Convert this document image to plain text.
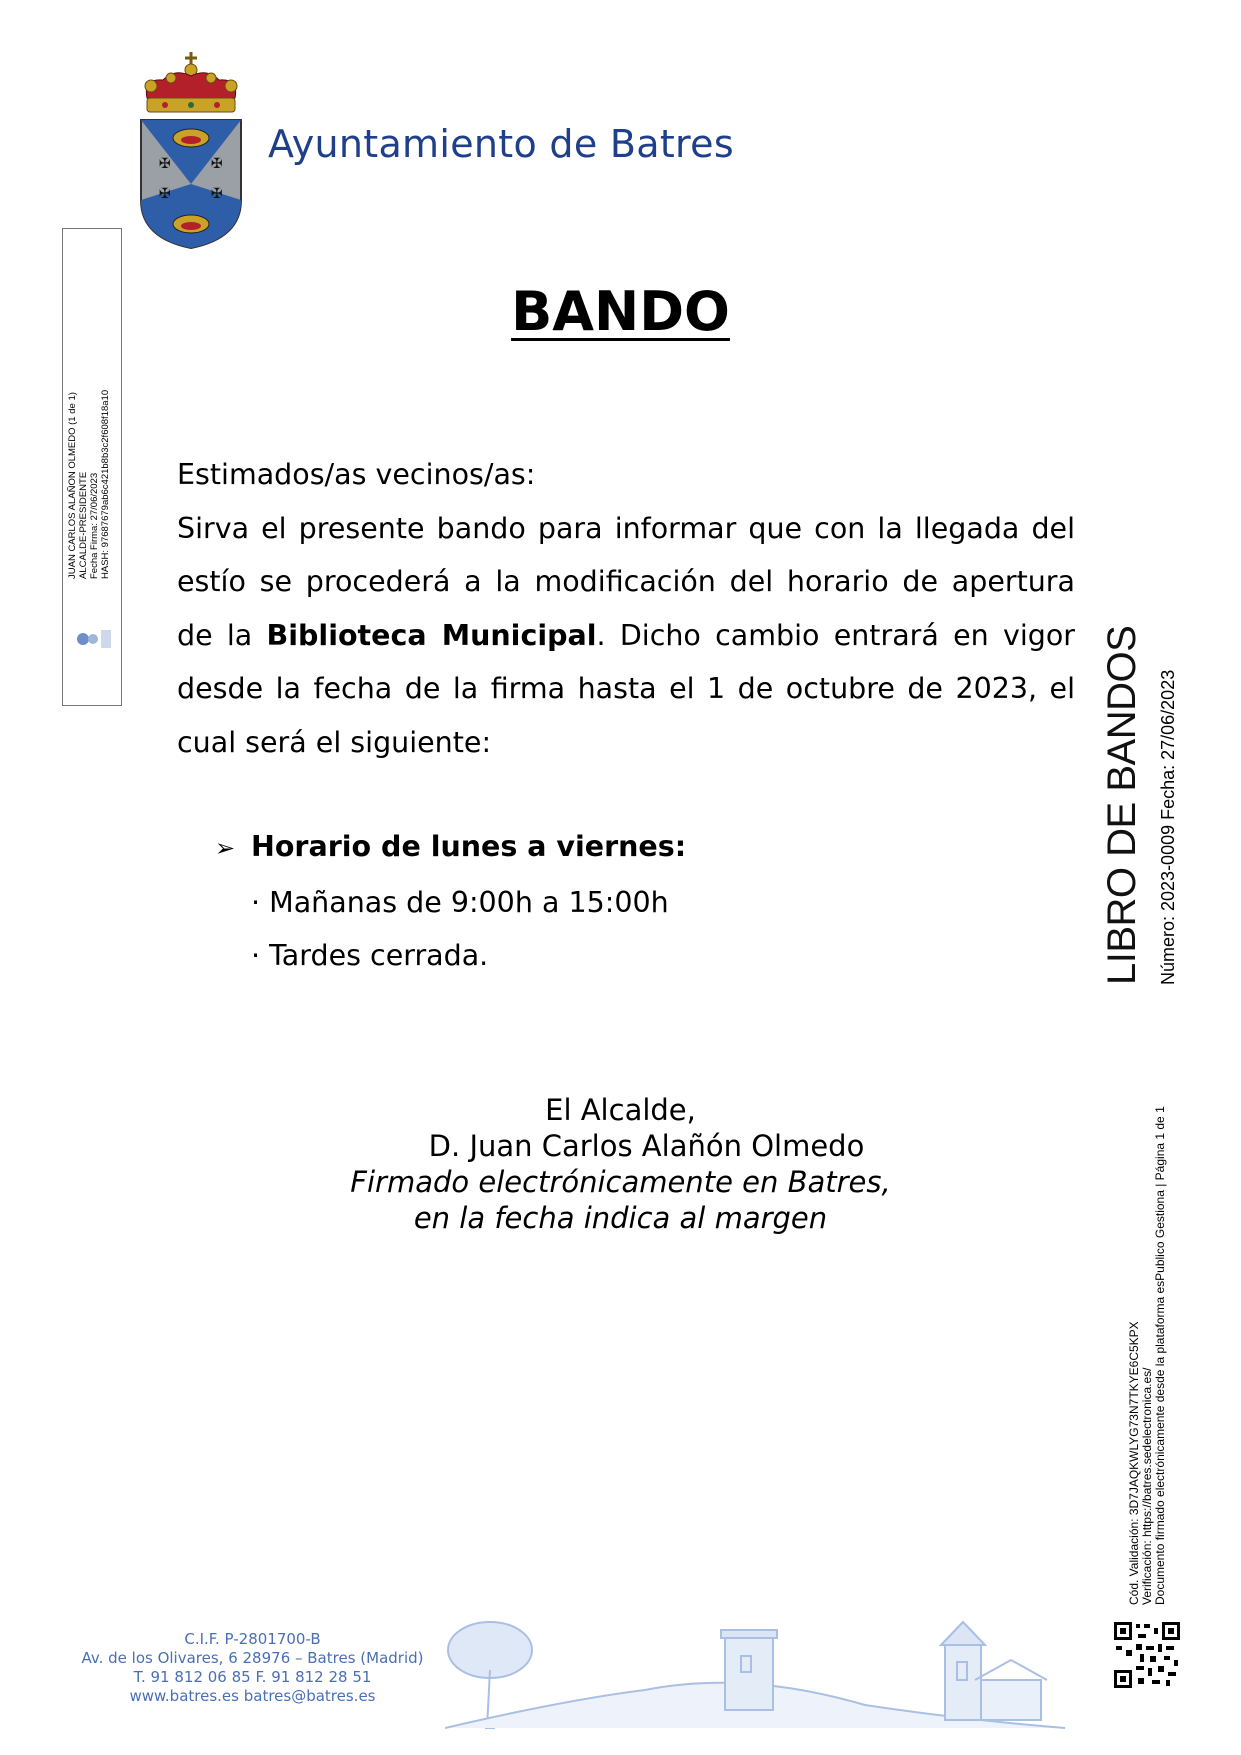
✠	✠
✠	✠
Ayuntamiento de Batres
JUAN CARLOS ALAÑON OLMEDO (1 de 1) ALCALDE-PRESIDENTE Fecha Firma: 27/06/2023 HASH: 97687679ab6c421b8b3c2f608f18a10
BANDO
Estimados/as vecinos/as:
Sirva el presente bando para informar que con la llegada del estío se procederá a la modificación del horario de apertura de la Biblioteca Municipal. Dicho cambio entrará en vigor desde la fecha de la firma hasta el 1 de octubre de 2023, el cual será el siguiente:
➢ Horario de lunes a viernes:
· Mañanas de 9:00h a 15:00h
· Tardes cerrada.
El Alcalde,
D. Juan Carlos Alañón Olmedo
Firmado electrónicamente en Batres,
en la fecha indica al margen
LIBRO DE BANDOS Número: 2023-0009 Fecha: 27/06/2023
Cód. Validación: 3D7JAQKWLYG73N7TKYE6C5KPX Verificación: https://batres.sedelectronica.es/ Documento firmado electrónicamente desde la plataforma esPublico Gestiona | Página 1 de 1
C.I.F. P-2801700-B
Av. de los Olivares, 6 28976 – Batres (Madrid)
T. 91 812 06 85 F. 91 812 28 51
www.batres.es batres@batres.es
